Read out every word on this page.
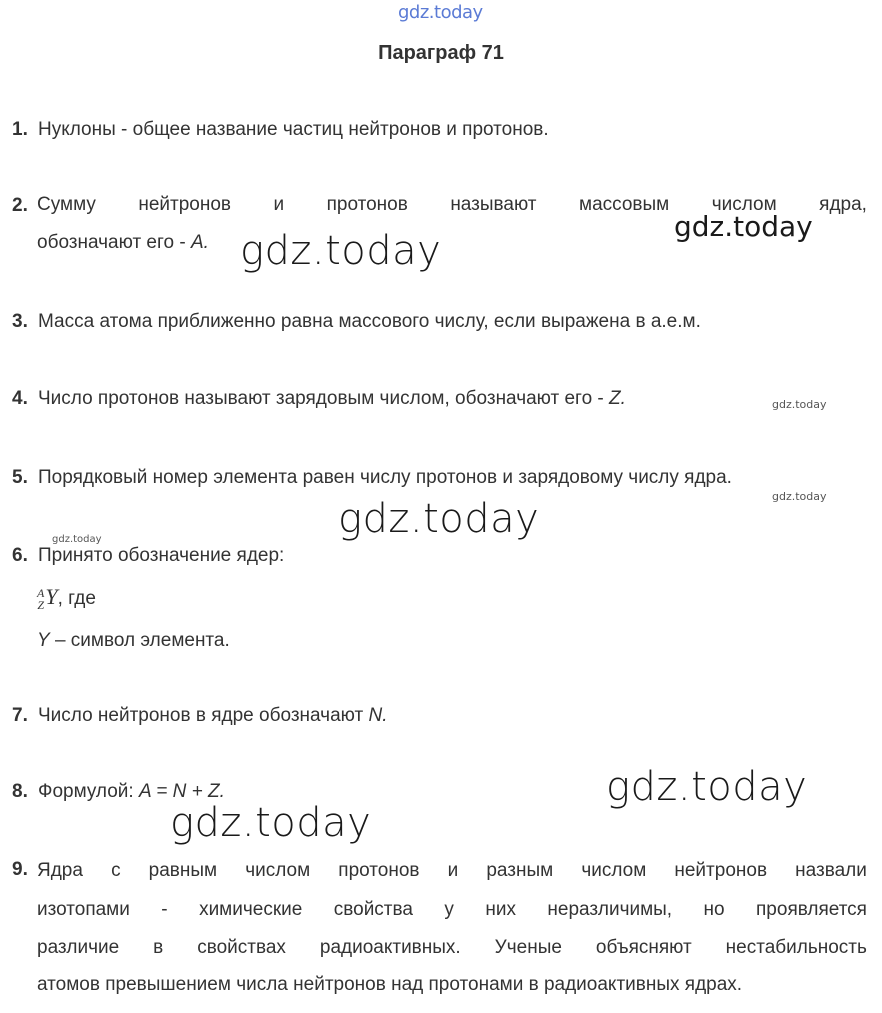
gdz.today
gdz.today
gdz.today
gdz.today
gdz.today
gdz.today
gdz.today
gdz.today
gdz.today
Параграф 71
1. Нуклоны - общее название частиц нейтронов и протонов.
2. Сумму нейтронов и протонов называют массовым числом ядра,
обозначают его - A.
3. Масса атома приближенно равна массового числу, если выражена в а.е.м.
4. Число протонов называют зарядовым числом, обозначают его - Z.
5. Порядковый номер элемента равен числу протонов и зарядовому числу ядра.
6. Принято обозначение ядер:
A
Z Y, где
Y – символ элемента.
7. Число нейтронов в ядре обозначают N.
8. Формулой: A = N + Z.
9. Ядра с равным числом протонов и разным числом нейтронов назвали
изотопами - химические свойства у них неразличимы, но проявляется
различие в свойствах радиоактивных. Ученые объясняют нестабильность
атомов превышением числа нейтронов над протонами в радиоактивных ядрах.
